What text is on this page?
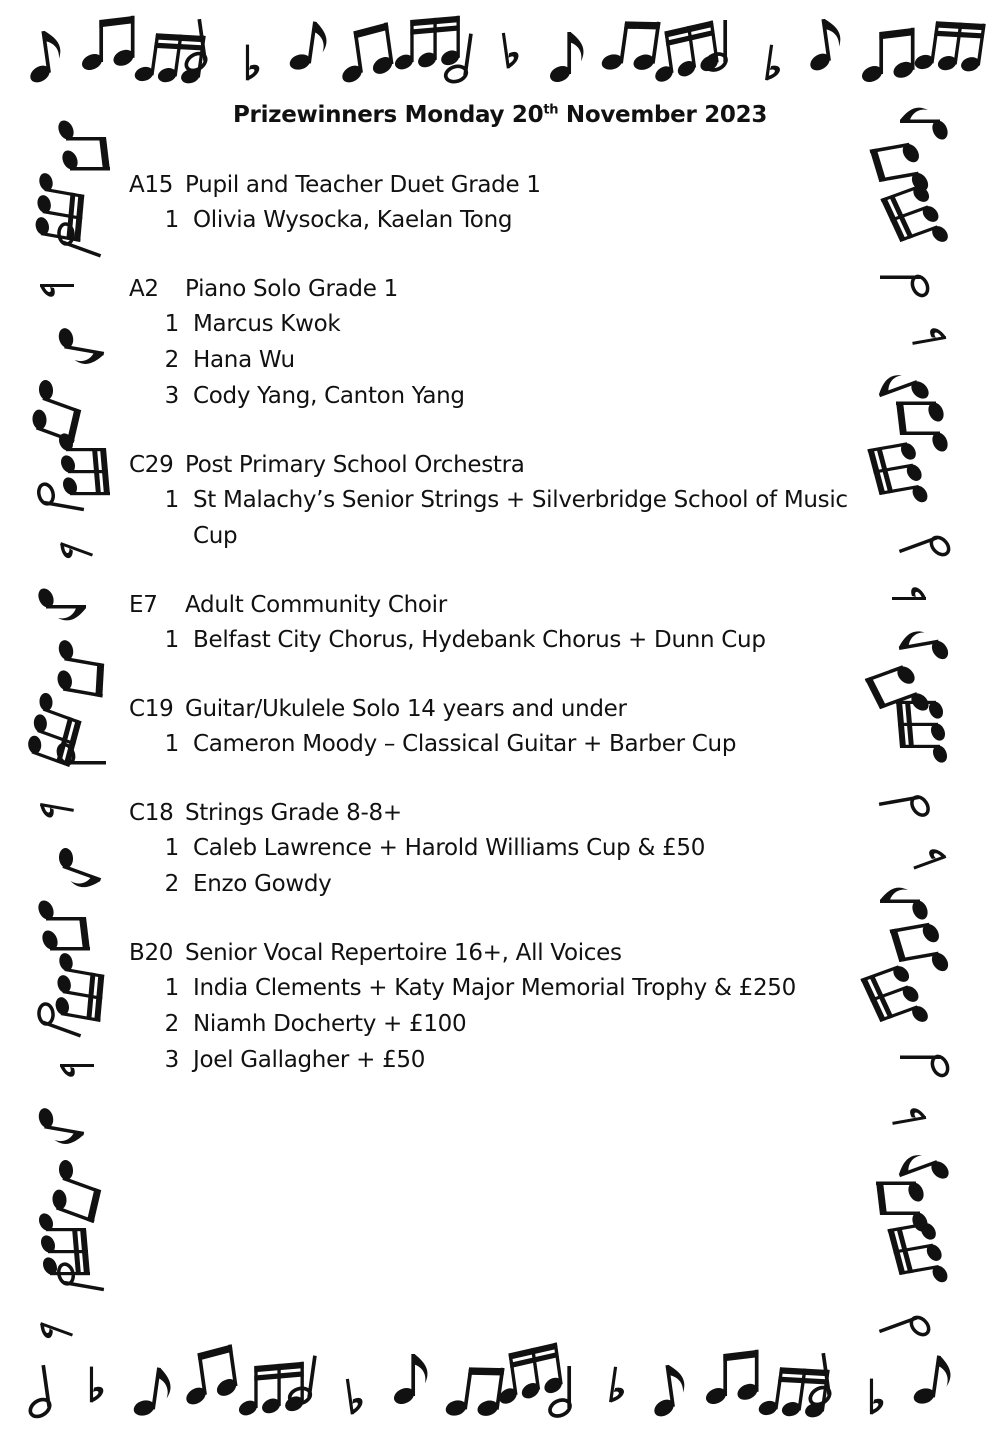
Prizewinners Monday 20th November 2023
A15 Pupil and Teacher Duet Grade 1
1 Olivia Wysocka, Kaelan Tong
A2 Piano Solo Grade 1
1 Marcus Kwok
2 Hana Wu
3 Cody Yang, Canton Yang
C29 Post Primary School Orchestra
1 St Malachy’s Senior Strings + Silverbridge School of Music Cup
E7 Adult Community Choir
1 Belfast City Chorus, Hydebank Chorus + Dunn Cup
C19 Guitar/Ukulele Solo 14 years and under
1 Cameron Moody – Classical Guitar + Barber Cup
C18 Strings Grade 8-8+
1 Caleb Lawrence + Harold Williams Cup & £50
2 Enzo Gowdy
B20 Senior Vocal Repertoire 16+, All Voices
1 India Clements + Katy Major Memorial Trophy & £250
2 Niamh Docherty + £100
3 Joel Gallagher + £50
